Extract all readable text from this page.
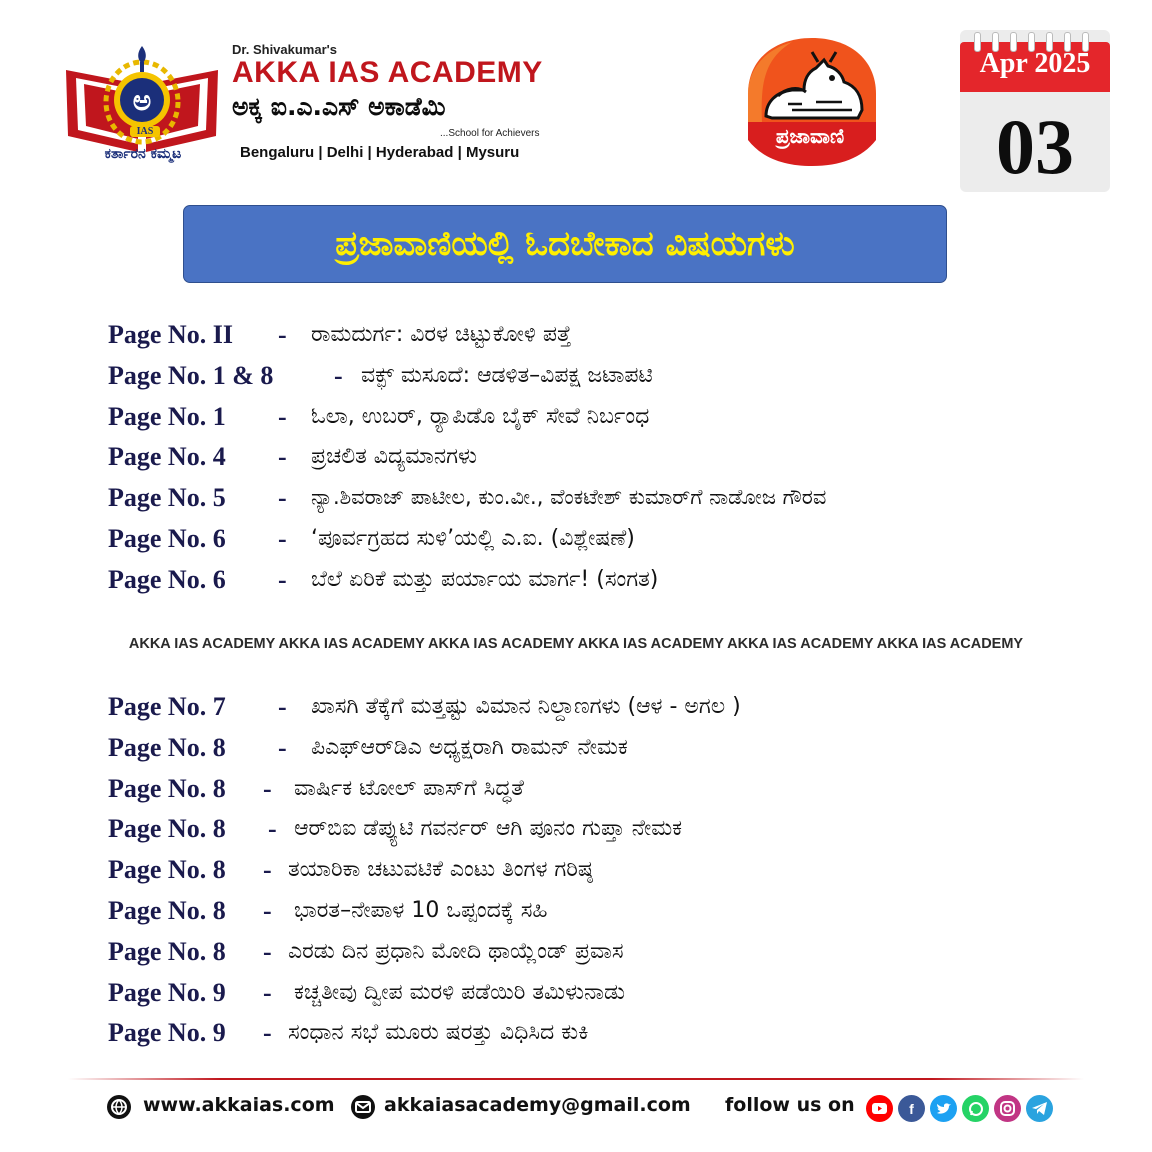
ಅ
IAS
ಕರ್ತಾರನ ಕಮ್ಮಟ
Dr. Shivakumar's
AKKA IAS ACADEMY
ಅಕ್ಕ ಐ.ಎ.ಎಸ್ ಅಕಾಡೆಮಿ
...School for Achievers
Bengaluru | Delhi | Hyderabad | Mysuru
ಪ್ರಜಾವಾಣಿ
Apr 2025
03
ಪ್ರಜಾವಾಣಿಯಲ್ಲಿ ಓದಬೇಕಾದ ವಿಷಯಗಳು
Page No. II - ರಾಮದುರ್ಗ: ವಿರಳ ಚಿಟ್ಟುಕೋಳಿ ಪತ್ತೆ
Page No. 1 & 8 - ವಕ್ಫ್ ಮಸೂದೆ: ಆಡಳಿತ–ವಿಪಕ್ಷ ಜಟಾಪಟಿ
Page No. 1 - ಓಲಾ, ಉಬರ್, ರ್‍ಯಾಪಿಡೊ ಬೈಕ್ ಸೇವೆ ನಿರ್ಬಂಧ
Page No. 4 - ಪ್ರಚಲಿತ ವಿದ್ಯಮಾನಗಳು
Page No. 5 - ನ್ಯಾ.ಶಿವರಾಜ್ ಪಾಟೀಲ, ಕುಂ.ವೀ., ವೆಂಕಟೇಶ್ ಕುಮಾರ್‌ಗೆ ನಾಡೋಜ ಗೌರವ
Page No. 6 - ‘ಪೂರ್ವಗ್ರಹದ ಸುಳಿ’ಯಲ್ಲಿ ಎ.ಐ. (ವಿಶ್ಲೇಷಣೆ)
Page No. 6 - ಬೆಲೆ ಏರಿಕೆ ಮತ್ತು ಪರ್ಯಾಯ ಮಾರ್ಗ! (ಸಂಗತ)
AKKA IAS ACADEMY AKKA IAS ACADEMY AKKA IAS ACADEMY AKKA IAS ACADEMY AKKA IAS ACADEMY AKKA IAS ACADEMY
Page No. 7 - ಖಾಸಗಿ ತೆಕ್ಕೆಗೆ ಮತ್ತಷ್ಟು ವಿಮಾನ ನಿಲ್ದಾಣಗಳು (ಆಳ - ಅಗಲ )
Page No. 8 - ಪಿಎಫ್‌ಆರ್‌ಡಿಎ ಅಧ್ಯಕ್ಷರಾಗಿ ರಾಮನ್ ನೇಮಕ
Page No. 8 - ವಾರ್ಷಿಕ ಟೋಲ್ ಪಾಸ್‌ಗೆ ಸಿದ್ಧತೆ
Page No. 8 - ಆರ್‌ಬಿಐ ಡೆಪ್ಯುಟಿ ಗವರ್ನರ್ ಆಗಿ ಪೂನಂ ಗುಪ್ತಾ ನೇಮಕ
Page No. 8 - ತಯಾರಿಕಾ ಚಟುವಟಿಕೆ ಎಂಟು ತಿಂಗಳ ಗರಿಷ್ಠ
Page No. 8 - ಭಾರತ–ನೇಪಾಳ 10 ಒಪ್ಪಂದಕ್ಕೆ ಸಹಿ
Page No. 8 - ಎರಡು ದಿನ ಪ್ರಧಾನಿ ಮೋದಿ ಥಾಯ್ಲೆಂಡ್ ಪ್ರವಾಸ
Page No. 9 - ಕಚ್ಚತೀವು ದ್ವೀಪ ಮರಳಿ ಪಡೆಯಿರಿ ತಮಿಳುನಾಡು
Page No. 9 - ಸಂಧಾನ ಸಭೆ ಮೂರು ಷರತ್ತು ವಿಧಿಸಿದ ಕುಕಿ
www.akkaias.com	akkaiasacademy@gmail.com follow us on	f
